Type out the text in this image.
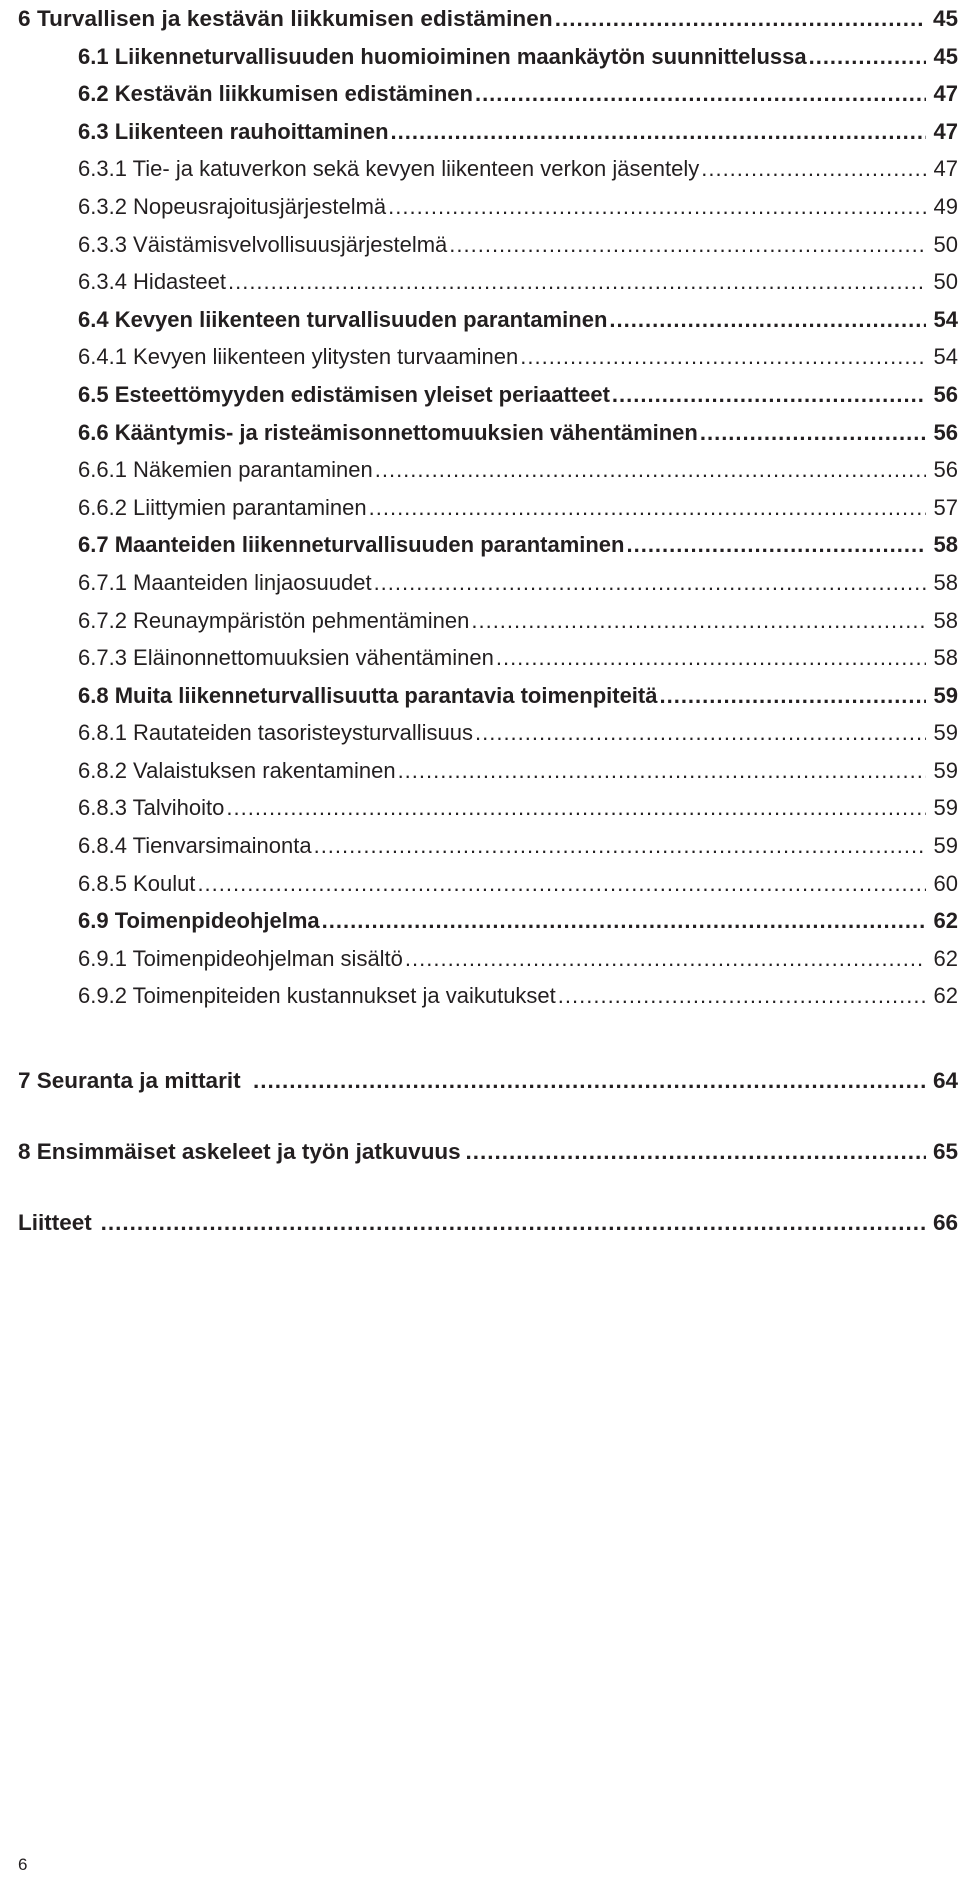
6 Turvallisen ja kestävän liikkumisen edistäminen .....	45
6.1 Liikenneturvallisuuden huomioiminen maankäytön suunnittelussa .....	45
6.2 Kestävän liikkumisen edistäminen .....	47
6.3 Liikenteen rauhoittaminen .....	47
6.3.1 Tie- ja katuverkon sekä kevyen liikenteen verkon jäsentely .....	47
6.3.2 Nopeusrajoitusjärjestelmä .....	49
6.3.3 Väistämisvelvollisuusjärjestelmä .....	50
6.3.4 Hidasteet .....	50
6.4 Kevyen liikenteen turvallisuuden parantaminen .....	54
6.4.1 Kevyen liikenteen ylitysten turvaaminen .....	54
6.5 Esteettömyyden edistämisen yleiset periaatteet .....	56
6.6 Kääntymis- ja risteämisonnettomuuksien vähentäminen .....	56
6.6.1 Näkemien parantaminen .....	56
6.6.2 Liittymien parantaminen .....	57
6.7 Maanteiden liikenneturvallisuuden parantaminen .....	58
6.7.1 Maanteiden linjaosuudet .....	58
6.7.2 Reunaympäristön pehmentäminen .....	58
6.7.3 Eläinonnettomuuksien vähentäminen .....	58
6.8 Muita liikenneturvallisuutta parantavia toimenpiteitä .....	59
6.8.1 Rautateiden tasoristeysturvallisuus .....	59
6.8.2 Valaistuksen rakentaminen .....	59
6.8.3 Talvihoito .....	59
6.8.4 Tienvarsimainonta .....	59
6.8.5 Koulut .....	60
6.9 Toimenpideohjelma .....	62
6.9.1 Toimenpideohjelman sisältö .....	62
6.9.2 Toimenpiteiden kustannukset ja vaikutukset .....	62
7 Seuranta ja mittarit .....	64
8 Ensimmäiset askeleet ja työn jatkuvuus .....	65
Liitteet .....	66
6
